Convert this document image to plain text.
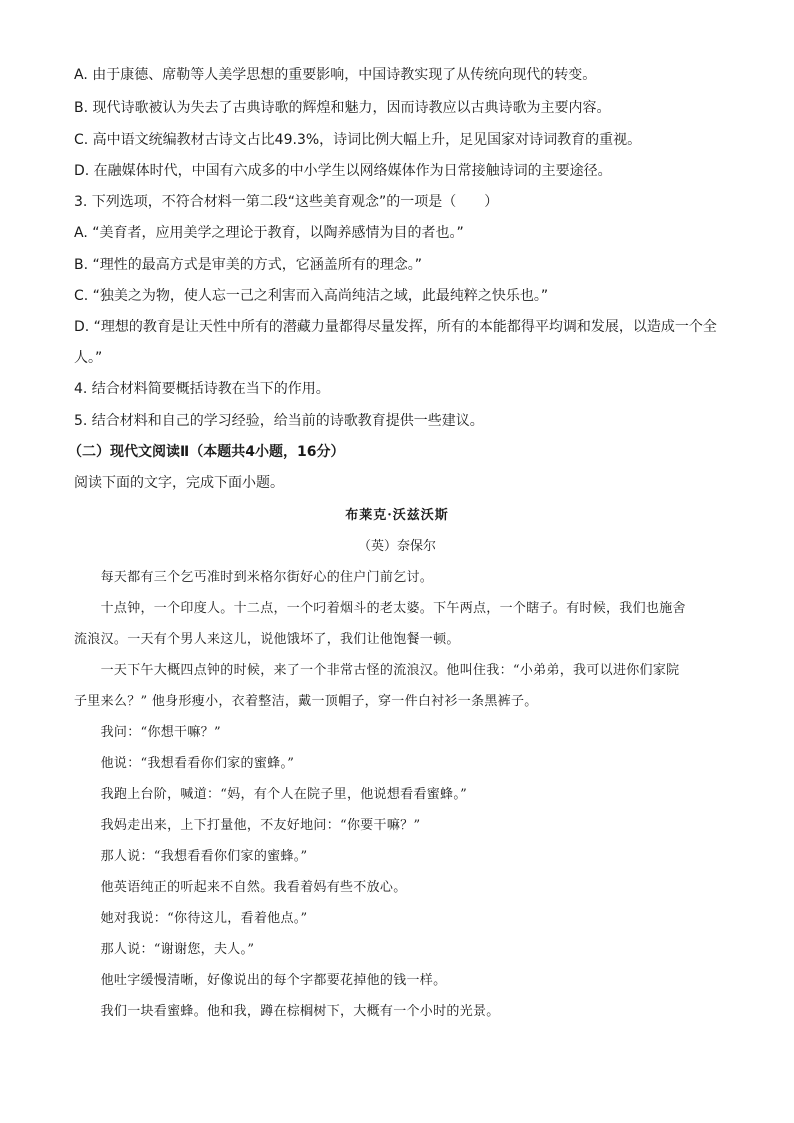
A. 由于康德、席勒等人美学思想的重要影响，中国诗教实现了从传统向现代的转变。
B. 现代诗歌被认为失去了古典诗歌的辉煌和魅力，因而诗教应以古典诗歌为主要内容。
C. 高中语文统编教材古诗文占比49.3%，诗词比例大幅上升，足见国家对诗词教育的重视。
D. 在融媒体时代，中国有六成多的中小学生以网络媒体作为日常接触诗词的主要途径。
3. 下列选项，不符合材料一第二段“这些美育观念”的一项是（　　）
A. “美育者，应用美学之理论于教育，以陶养感情为目的者也。”
B. “理性的最高方式是审美的方式，它涵盖所有的理念。”
C. “独美之为物，使人忘一己之利害而入高尚纯洁之域，此最纯粹之快乐也。”
D. “理想的教育是让天性中所有的潜藏力量都得尽量发挥，所有的本能都得平均调和发展，以造成一个全
人。”
4. 结合材料简要概括诗教在当下的作用。
5. 结合材料和自己的学习经验，给当前的诗歌教育提供一些建议。
（二）现代文阅读Ⅱ（本题共4小题，16分）
阅读下面的文字，完成下面小题。
布莱克·沃兹沃斯
（英）奈保尔
　　每天都有三个乞丐准时到米格尔街好心的住户门前乞讨。
　　十点钟，一个印度人。十二点，一个叼着烟斗的老太婆。下午两点，一个瞎子。有时候，我们也施舍
流浪汉。一天有个男人来这儿，说他饿坏了，我们让他饱餐一顿。
　　一天下午大概四点钟的时候，来了一个非常古怪的流浪汉。他叫住我：“小弟弟，我可以进你们家院
子里来么？” 他身形瘦小，衣着整洁，戴一顶帽子，穿一件白衬衫一条黑裤子。
　　我问：“你想干嘛？”
　　他说：“我想看看你们家的蜜蜂。”
　　我跑上台阶，喊道：“妈，有个人在院子里，他说想看看蜜蜂。”
　　我妈走出来，上下打量他，不友好地问：“你要干嘛？”
　　那人说：“我想看看你们家的蜜蜂。”
　　他英语纯正的听起来不自然。我看着妈有些不放心。
　　她对我说：“你待这儿，看着他点。”
　　那人说：“谢谢您，夫人。”
　　他吐字缓慢清晰，好像说出的每个字都要花掉他的钱一样。
　　我们一块看蜜蜂。他和我，蹲在棕榈树下，大概有一个小时的光景。
